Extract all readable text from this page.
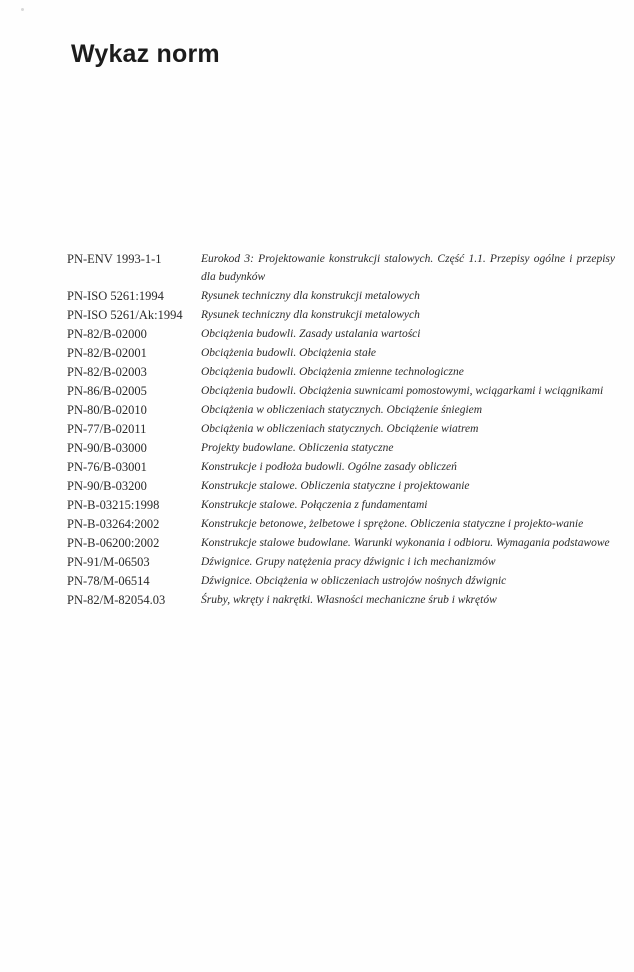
Wykaz norm
PN-ENV 1993-1-1	Eurokod 3: Projektowanie konstrukcji stalowych. Część 1.1. Przepisy ogólne i przepisy dla budynków
PN-ISO 5261:1994	Rysunek techniczny dla konstrukcji metalowych
PN-ISO 5261/Ak:1994	Rysunek techniczny dla konstrukcji metalowych
PN-82/B-02000	Obciążenia budowli. Zasady ustalania wartości
PN-82/B-02001	Obciążenia budowli. Obciążenia stałe
PN-82/B-02003	Obciążenia budowli. Obciążenia zmienne technologiczne
PN-86/B-02005	Obciążenia budowli. Obciążenia suwnicami pomostowymi, wciągarkami i wciągnikami
PN-80/B-02010	Obciążenia w obliczeniach statycznych. Obciążenie śniegiem
PN-77/B-02011	Obciążenia w obliczeniach statycznych. Obciążenie wiatrem
PN-90/B-03000	Projekty budowlane. Obliczenia statyczne
PN-76/B-03001	Konstrukcje i podłoża budowli. Ogólne zasady obliczeń
PN-90/B-03200	Konstrukcje stalowe. Obliczenia statyczne i projektowanie
PN-B-03215:1998	Konstrukcje stalowe. Połączenia z fundamentami
PN-B-03264:2002	Konstrukcje betonowe, żelbetowe i sprężone. Obliczenia statyczne i projekto-wanie
PN-B-06200:2002	Konstrukcje stalowe budowlane. Warunki wykonania i odbioru. Wymagania podstawowe
PN-91/M-06503	Dźwignice. Grupy natężenia pracy dźwignic i ich mechanizmów
PN-78/M-06514	Dźwignice. Obciążenia w obliczeniach ustrojów nośnych dźwignic
PN-82/M-82054.03	Śruby, wkręty i nakrętki. Własności mechaniczne śrub i wkrętów
